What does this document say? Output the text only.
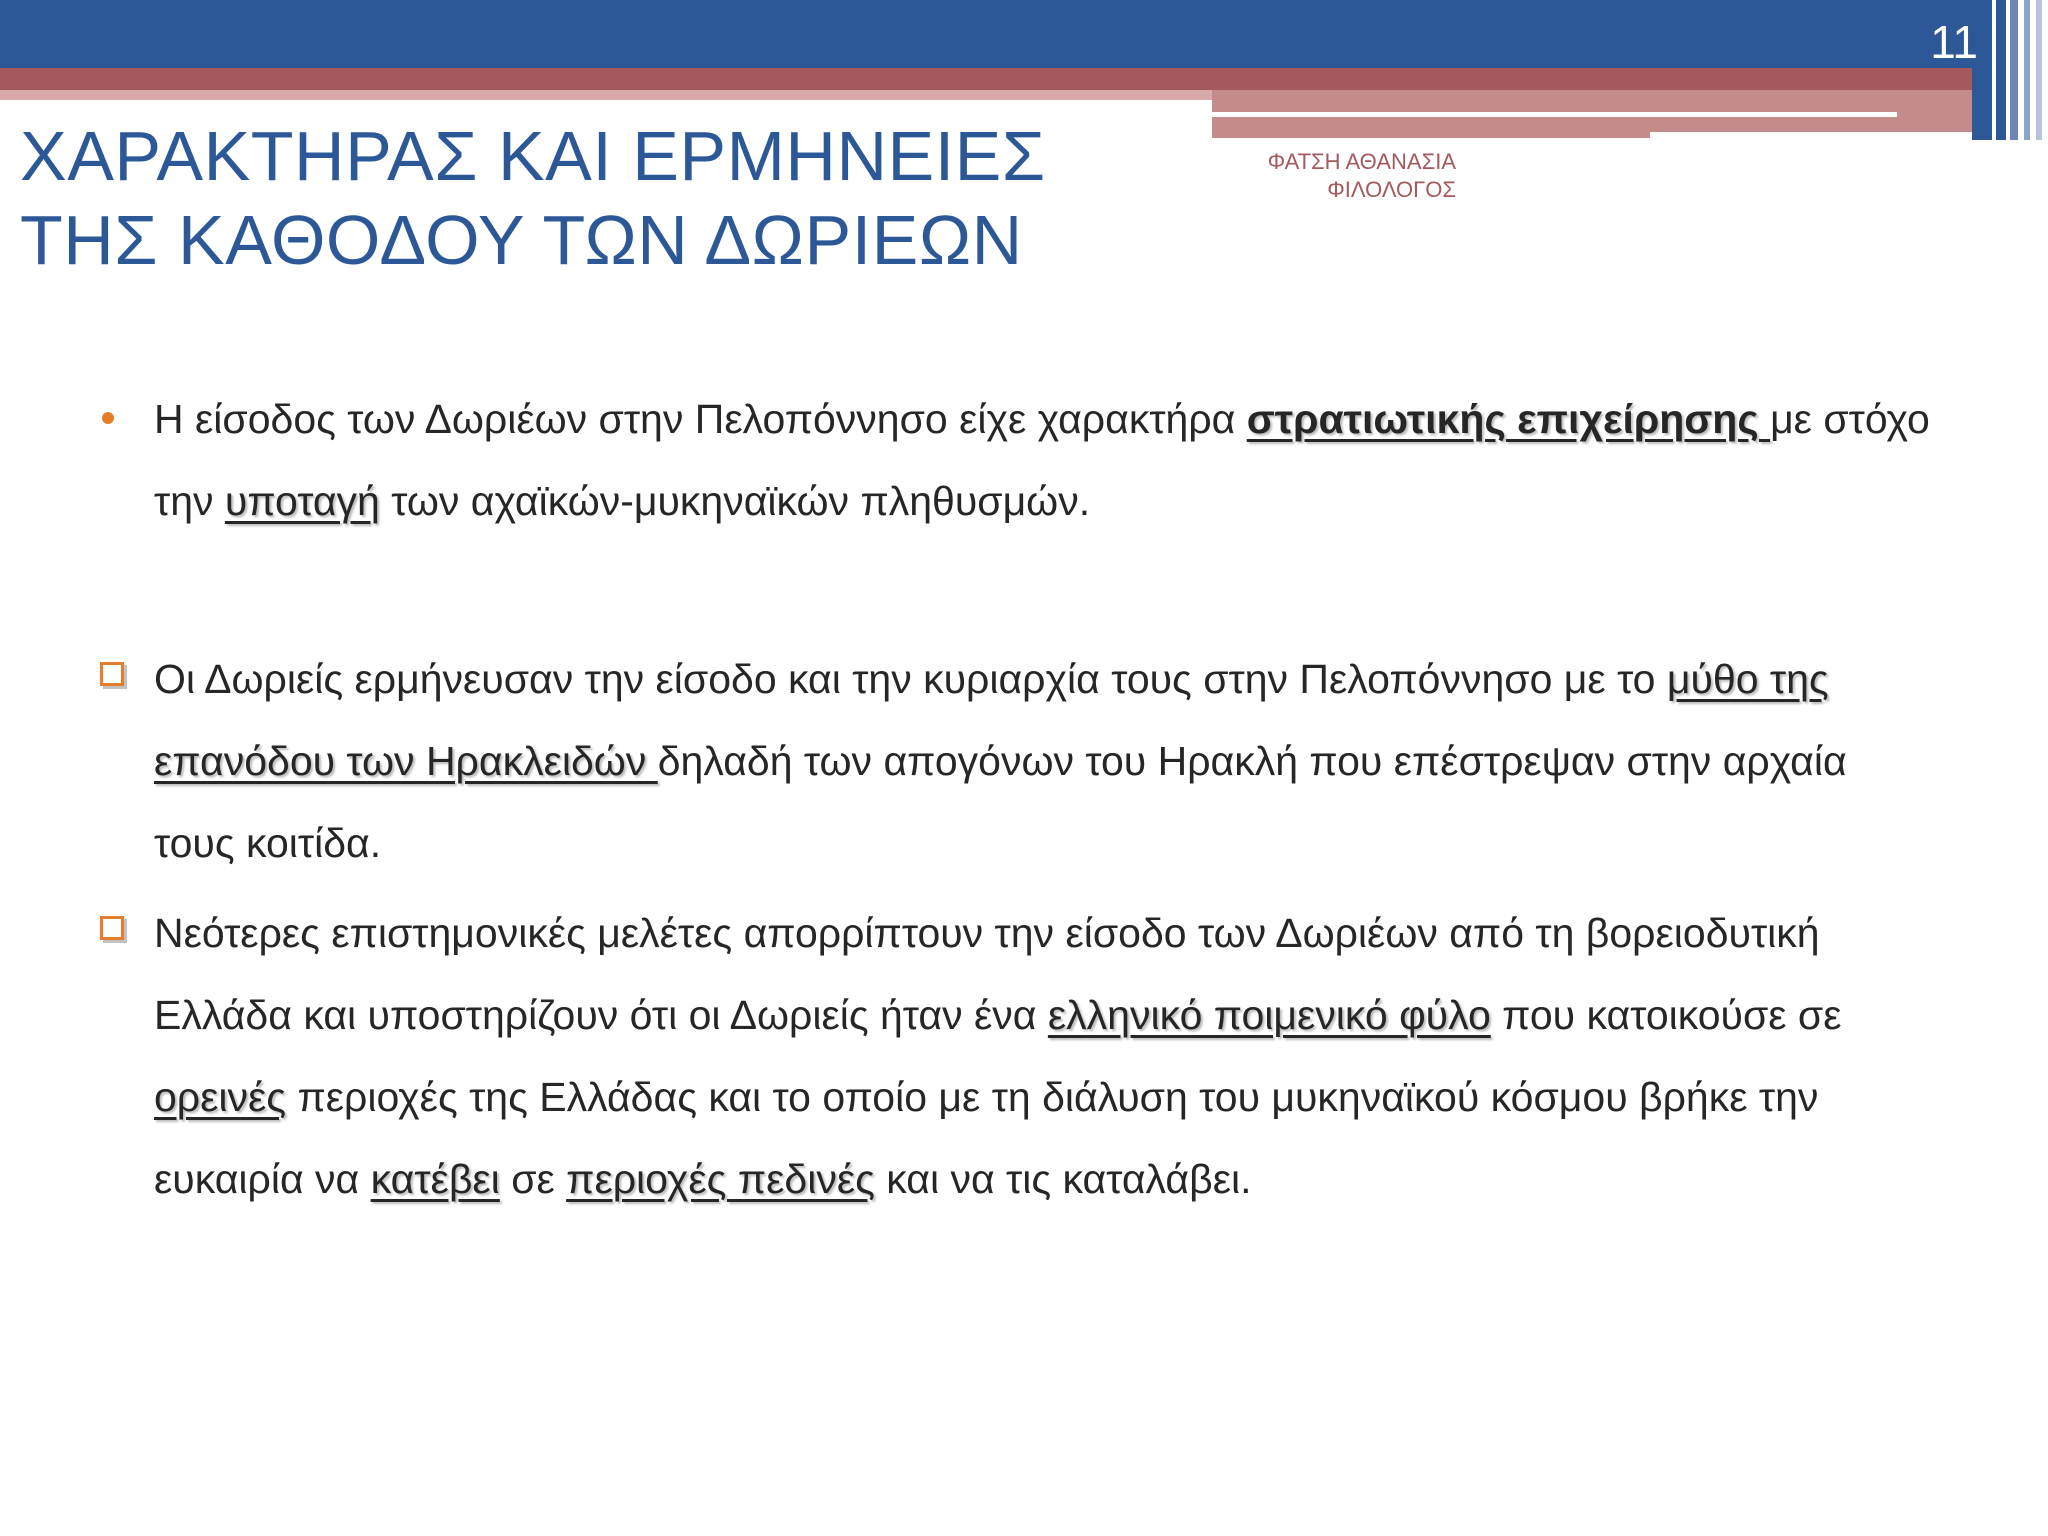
11
ΧΑΡΑΚΤΗΡΑΣ ΚΑΙ ΕΡΜΗΝΕΙΕΣ
ΤΗΣ ΚΑΘΟΔΟΥ ΤΩΝ ΔΩΡΙΕΩΝ
ΦΑΤΣΗ ΑΘΑΝΑΣΙΑ
ΦΙΛΟΛΟΓΟΣ
Η είσοδος των Δωριέων στην Πελοπόννησο είχε χαρακτήρα στρατιωτικής επιχείρησης με στόχο την υποταγή των αχαϊκών-μυκηναϊκών πληθυσμών.
Οι Δωριείς ερμήνευσαν την είσοδο και την κυριαρχία τους στην Πελοπόννησο με το μύθο της επανόδου των Ηρακλειδών δηλαδή των απογόνων του Ηρακλή που επέστρεψαν στην αρχαία τους κοιτίδα.
Νεότερες επιστημονικές μελέτες απορρίπτουν την είσοδο των Δωριέων από τη βορειοδυτική Ελλάδα και υποστηρίζουν ότι οι Δωριείς ήταν ένα ελληνικό ποιμενικό φύλο που κατοικούσε σε ορεινές περιοχές της Ελλάδας και το οποίο με τη διάλυση του μυκηναϊκού κόσμου βρήκε την ευκαιρία να κατέβει σε περιοχές πεδινές και να τις καταλάβει.
